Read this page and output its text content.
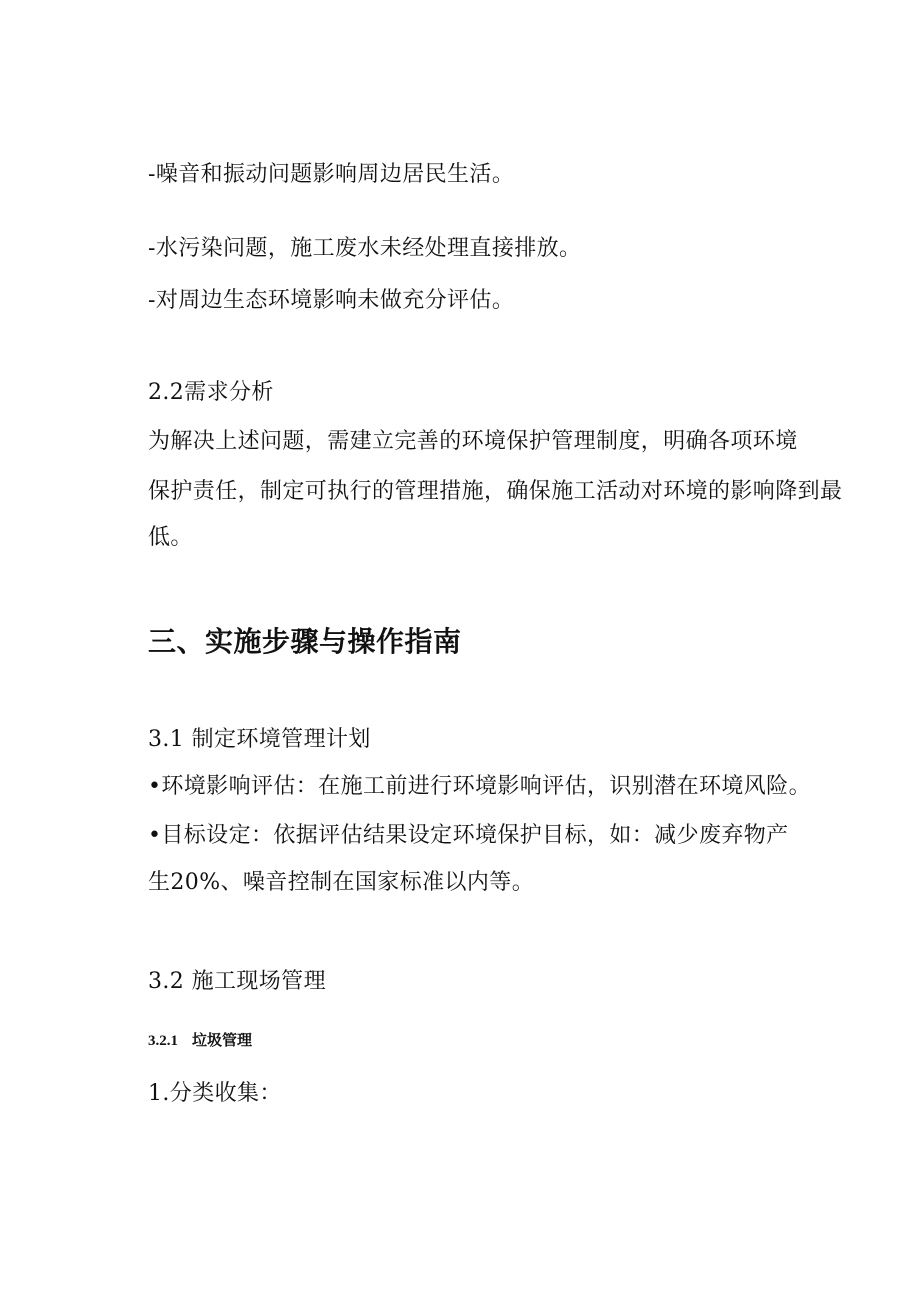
-噪音和振动问题影响周边居民生活。
-水污染问题，施工废水未经处理直接排放。
-对周边生态环境影响未做充分评估。
2.2需求分析
为解决上述问题，需建立完善的环境保护管理制度，明确各项环境
保护责任，制定可执行的管理措施，确保施工活动对环境的影响降到最
低。
三、实施步骤与操作指南
3.1 制定环境管理计划
•环境影响评估：在施工前进行环境影响评估，识别潜在环境风险。
•目标设定：依据评估结果设定环境保护目标，如：减少废弃物产
生20%、噪音控制在国家标准以内等。
3.2 施工现场管理
3.2.1 垃圾管理
1.分类收集：
